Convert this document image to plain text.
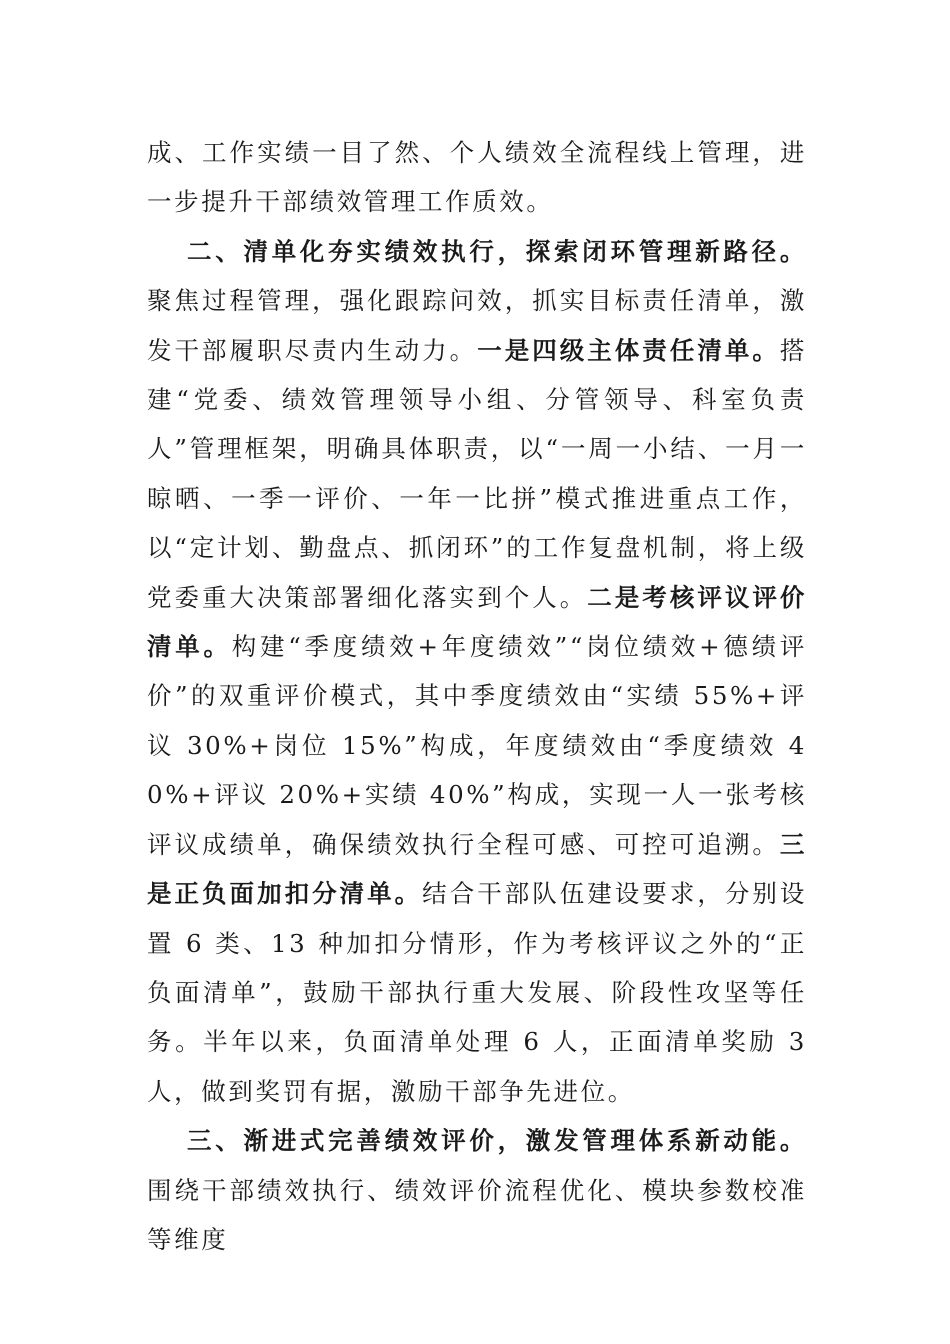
成、工作实绩一目了然、个人绩效全流程线上管理，进一步提升干部绩效管理工作质效。

二、清单化夯实绩效执行，探索闭环管理新路径。聚焦过程管理，强化跟踪问效，抓实目标责任清单，激发干部履职尽责内生动力。一是四级主体责任清单。搭建“党委、绩效管理领导小组、分管领导、科室负责人”管理框架，明确具体职责，以“一周一小结、一月一晾晒、一季一评价、一年一比拼”模式推进重点工作，以“定计划、勤盘点、抓闭环”的工作复盘机制，将上级党委重大决策部署细化落实到个人。二是考核评议评价清单。构建“季度绩效+年度绩效”“岗位绩效+德绩评价”的双重评价模式，其中季度绩效由“实绩 55%+评议 30%+岗位 15%”构成，年度绩效由“季度绩效 40%+评议 20%+实绩 40%”构成，实现一人一张考核评议成绩单，确保绩效执行全程可感、可控可追溯。三是正负面加扣分清单。结合干部队伍建设要求，分别设置 6 类、13 种加扣分情形，作为考核评议之外的“正负面清单”，鼓励干部执行重大发展、阶段性攻坚等任务。半年以来，负面清单处理 6 人，正面清单奖励 3 人，做到奖罚有据，激励干部争先进位。

三、渐进式完善绩效评价，激发管理体系新动能。围绕干部绩效执行、绩效评价流程优化、模块参数校准等维度
